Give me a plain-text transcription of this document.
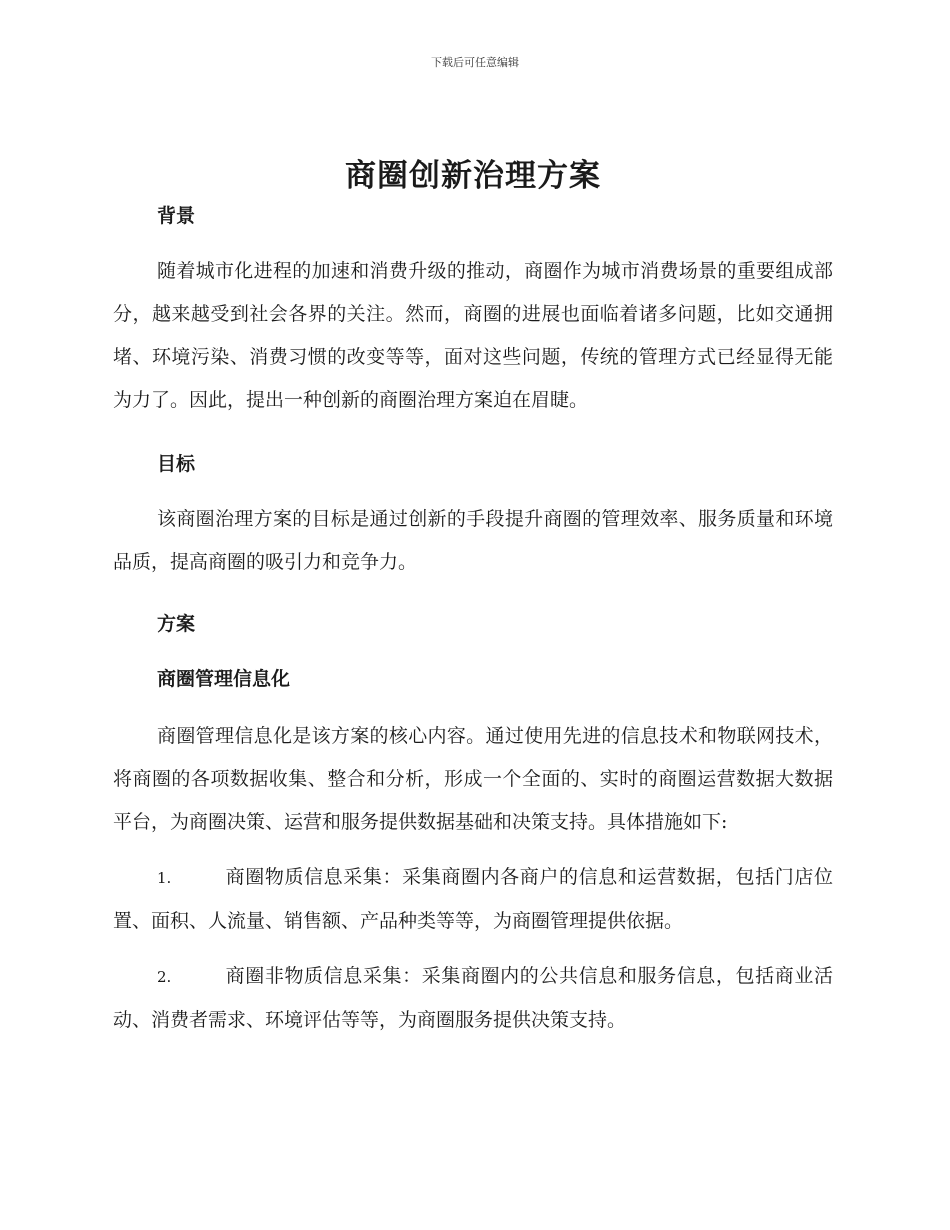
下载后可任意编辑
商圈创新治理方案
背景

随着城市化进程的加速和消费升级的推动，商圈作为城市消费场景的重要组成部分，越来越受到社会各界的关注。然而，商圈的进展也面临着诸多问题，比如交通拥堵、环境污染、消费习惯的改变等等，面对这些问题，传统的管理方式已经显得无能为力了。因此，提出一种创新的商圈治理方案迫在眉睫。

目标

该商圈治理方案的目标是通过创新的手段提升商圈的管理效率、服务质量和环境品质，提高商圈的吸引力和竞争力。

方案
商圈管理信息化

商圈管理信息化是该方案的核心内容。通过使用先进的信息技术和物联网技术，将商圈的各项数据收集、整合和分析，形成一个全面的、实时的商圈运营数据大数据平台，为商圈决策、运营和服务提供数据基础和决策支持。具体措施如下:

1.	商圈物质信息采集：采集商圈内各商户的信息和运营数据，包括门店位置、面积、人流量、销售额、产品种类等等，为商圈管理提供依据。

2.	商圈非物质信息采集：采集商圈内的公共信息和服务信息，包括商业活动、消费者需求、环境评估等等，为商圈服务提供决策支持。
